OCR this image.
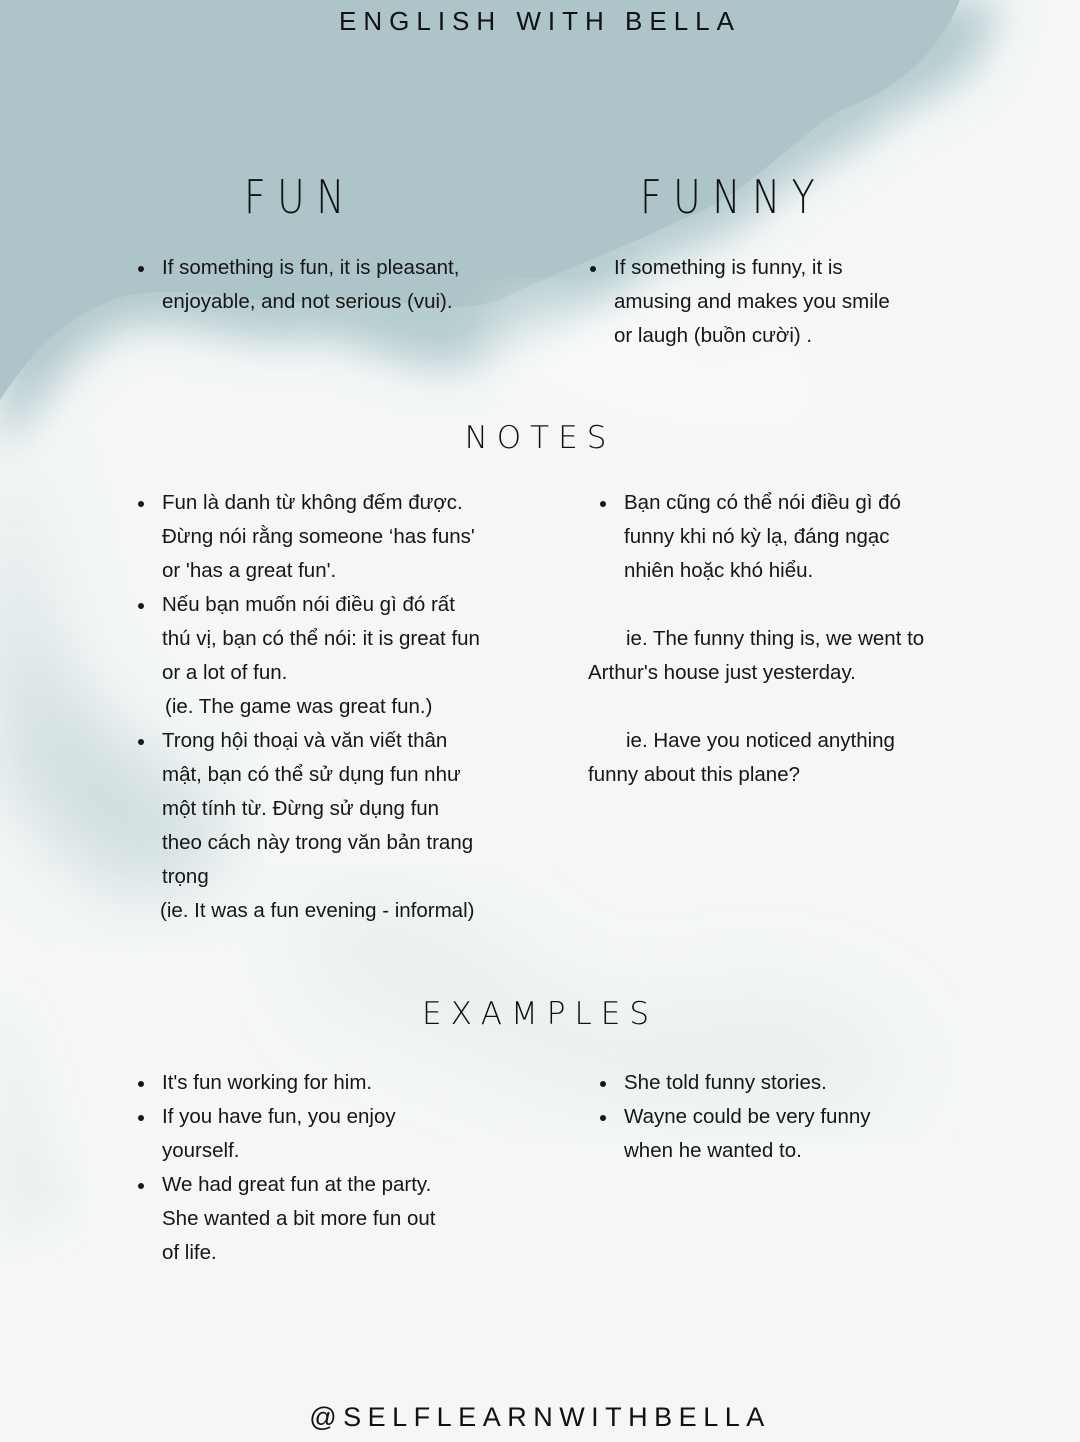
ENGLISH WITH BELLA
FUN	FUNNY
If something is fun, it is pleasant,
enjoyable, and not serious (vui).
If something is funny, it is
amusing and makes you smile
or laugh (buồn cười) .
NOTES
Fun là danh từ không đếm được.
Đừng nói rằng someone ‘has funs'
or 'has a great fun'.
Nếu bạn muốn nói điều gì đó rất
thú vị, bạn có thể nói: it is great fun
or a lot of fun.
(ie. The game was great fun.)
Trong hội thoại và văn viết thân
mật, bạn có thể sử dụng fun như
một tính từ. Đừng sử dụng fun
theo cách này trong văn bản trang
trọng
(ie. It was a fun evening - informal)
Bạn cũng có thể nói điều gì đó
funny khi nó kỳ lạ, đáng ngạc
nhiên hoặc khó hiểu.
ie. The funny thing is, we went to
Arthur's house just yesterday.
ie. Have you noticed anything
funny about this plane?
EXAMPLES
It's fun working for him.
If you have fun, you enjoy
yourself.
We had great fun at the party.
She wanted a bit more fun out
of life.
She told funny stories.
Wayne could be very funny
when he wanted to.
@SELFLEARNWITHBELLA
